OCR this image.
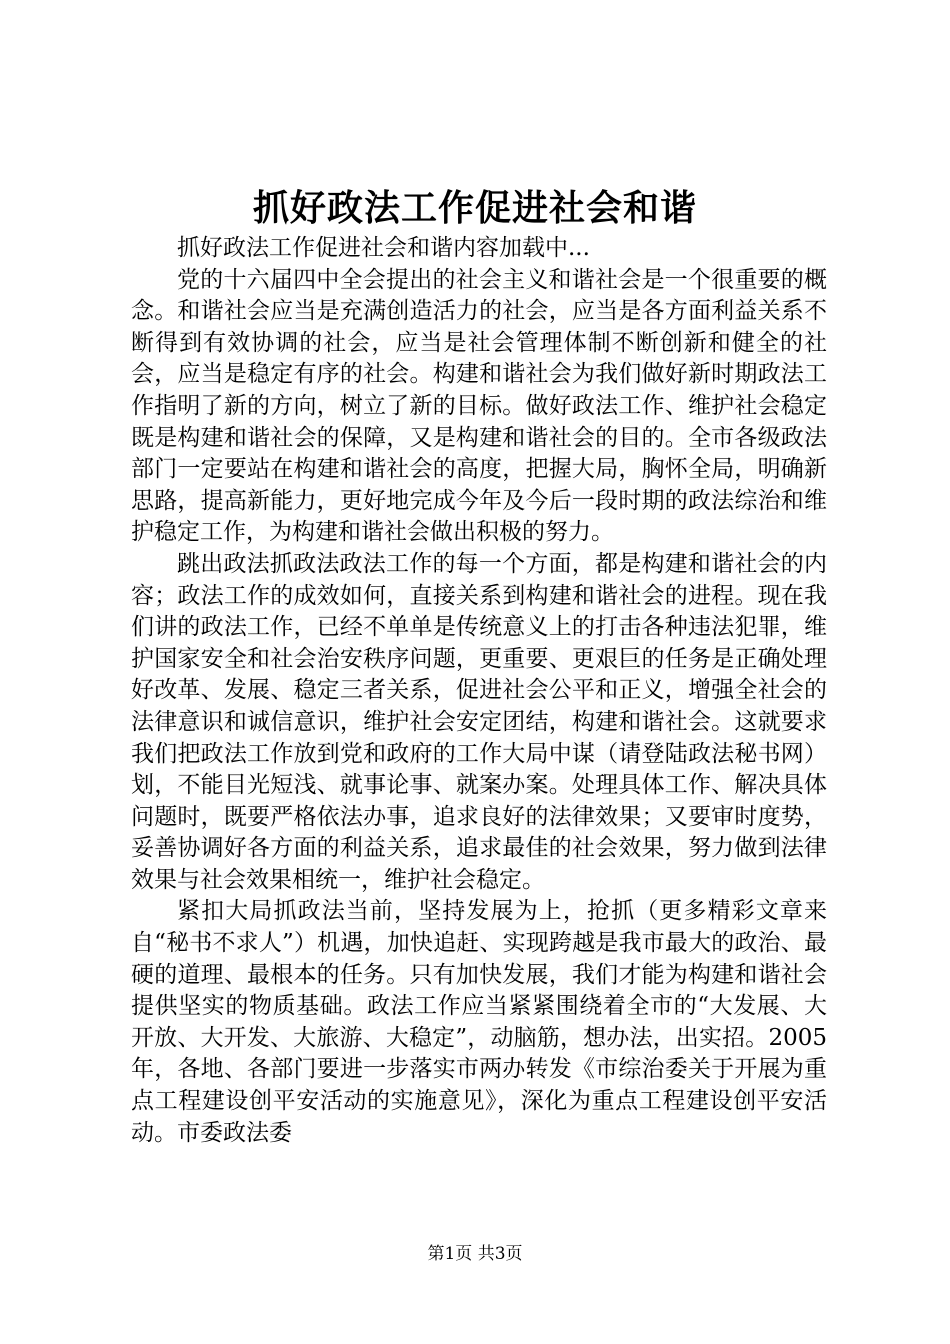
抓好政法工作促进社会和谐

抓好政法工作促进社会和谐内容加载中...

党的十六届四中全会提出的社会主义和谐社会是一个很重要的概念。和谐社会应当是充满创造活力的社会，应当是各方面利益关系不断得到有效协调的社会，应当是社会管理体制不断创新和健全的社会，应当是稳定有序的社会。构建和谐社会为我们做好新时期政法工作指明了新的方向，树立了新的目标。做好政法工作、维护社会稳定既是构建和谐社会的保障，又是构建和谐社会的目的。全市各级政法部门一定要站在构建和谐社会的高度，把握大局，胸怀全局，明确新思路，提高新能力，更好地完成今年及今后一段时期的政法综治和维护稳定工作，为构建和谐社会做出积极的努力。

跳出政法抓政法政法工作的每一个方面，都是构建和谐社会的内容；政法工作的成效如何，直接关系到构建和谐社会的进程。现在我们讲的政法工作，已经不单单是传统意义上的打击各种违法犯罪，维护国家安全和社会治安秩序问题，更重要、更艰巨的任务是正确处理好改革、发展、稳定三者关系，促进社会公平和正义，增强全社会的法律意识和诚信意识，维护社会安定团结，构建和谐社会。这就要求我们把政法工作放到党和政府的工作大局中谋（请登陆政法秘书网）划，不能目光短浅、就事论事、就案办案。处理具体工作、解决具体问题时，既要严格依法办事，追求良好的法律效果；又要审时度势，妥善协调好各方面的利益关系，追求最佳的社会效果，努力做到法律效果与社会效果相统一，维护社会稳定。

紧扣大局抓政法当前，坚持发展为上，抢抓（更多精彩文章来自“秘书不求人”）机遇，加快追赶、实现跨越是我市最大的政治、最硬的道理、最根本的任务。只有加快发展，我们才能为构建和谐社会提供坚实的物质基础。政法工作应当紧紧围绕着全市的“大发展、大开放、大开发、大旅游、大稳定”，动脑筋，想办法，出实招。2005年，各地、各部门要进一步落实市两办转发《市综治委关于开展为重点工程建设创平安活动的实施意见》，深化为重点工程建设创平安活动。市委政法委

第1页 共3页
